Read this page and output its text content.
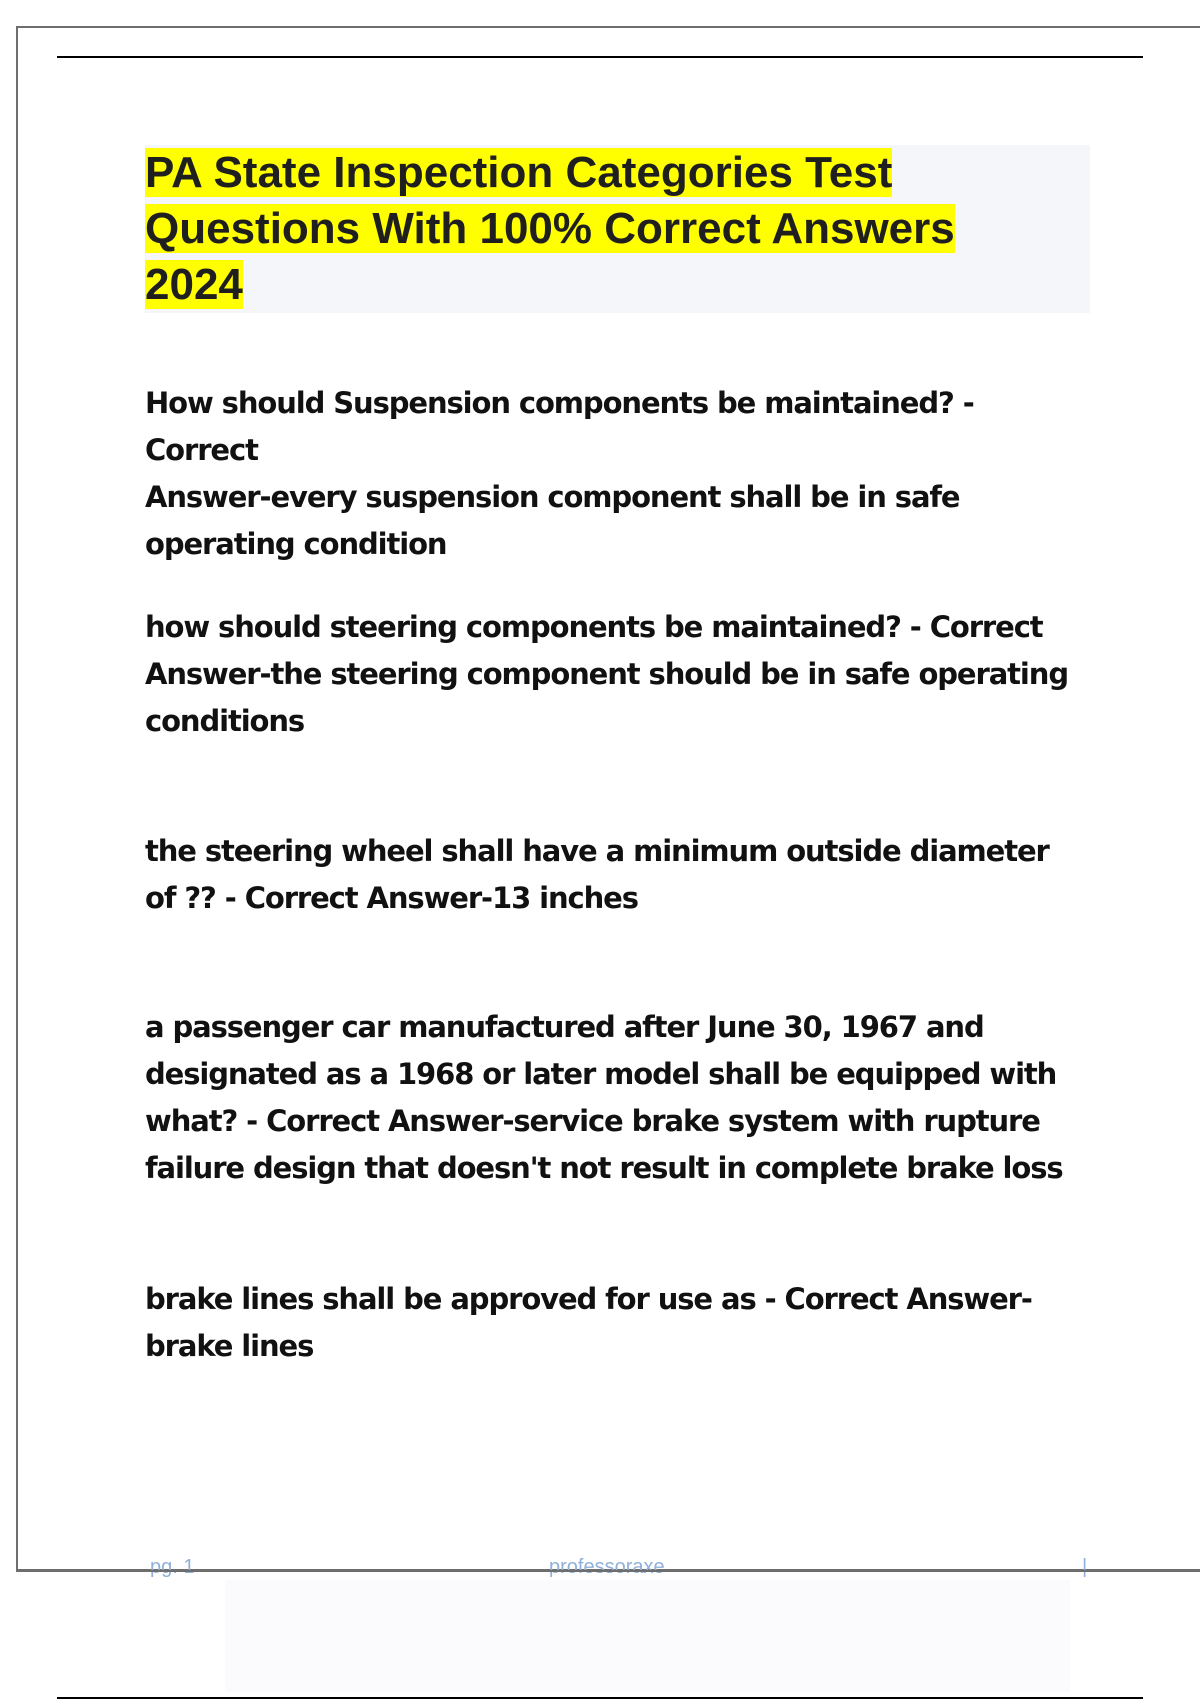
PA State Inspection Categories Test
Questions With 100% Correct Answers
2024

How should Suspension components be maintained? - Correct
Answer-every suspension component shall be in safe
operating condition

how should steering components be maintained? - Correct
Answer-the steering component should be in safe operating
conditions

the steering wheel shall have a minimum outside diameter
of ?? - Correct Answer-13 inches

a passenger car manufactured after June 30, 1967 and
designated as a 1968 or later model shall be equipped with
what? - Correct Answer-service brake system with rupture
failure design that doesn't not result in complete brake loss

brake lines shall be approved for use as - Correct Answer-
brake lines

pg. 1	professoraxe	|
